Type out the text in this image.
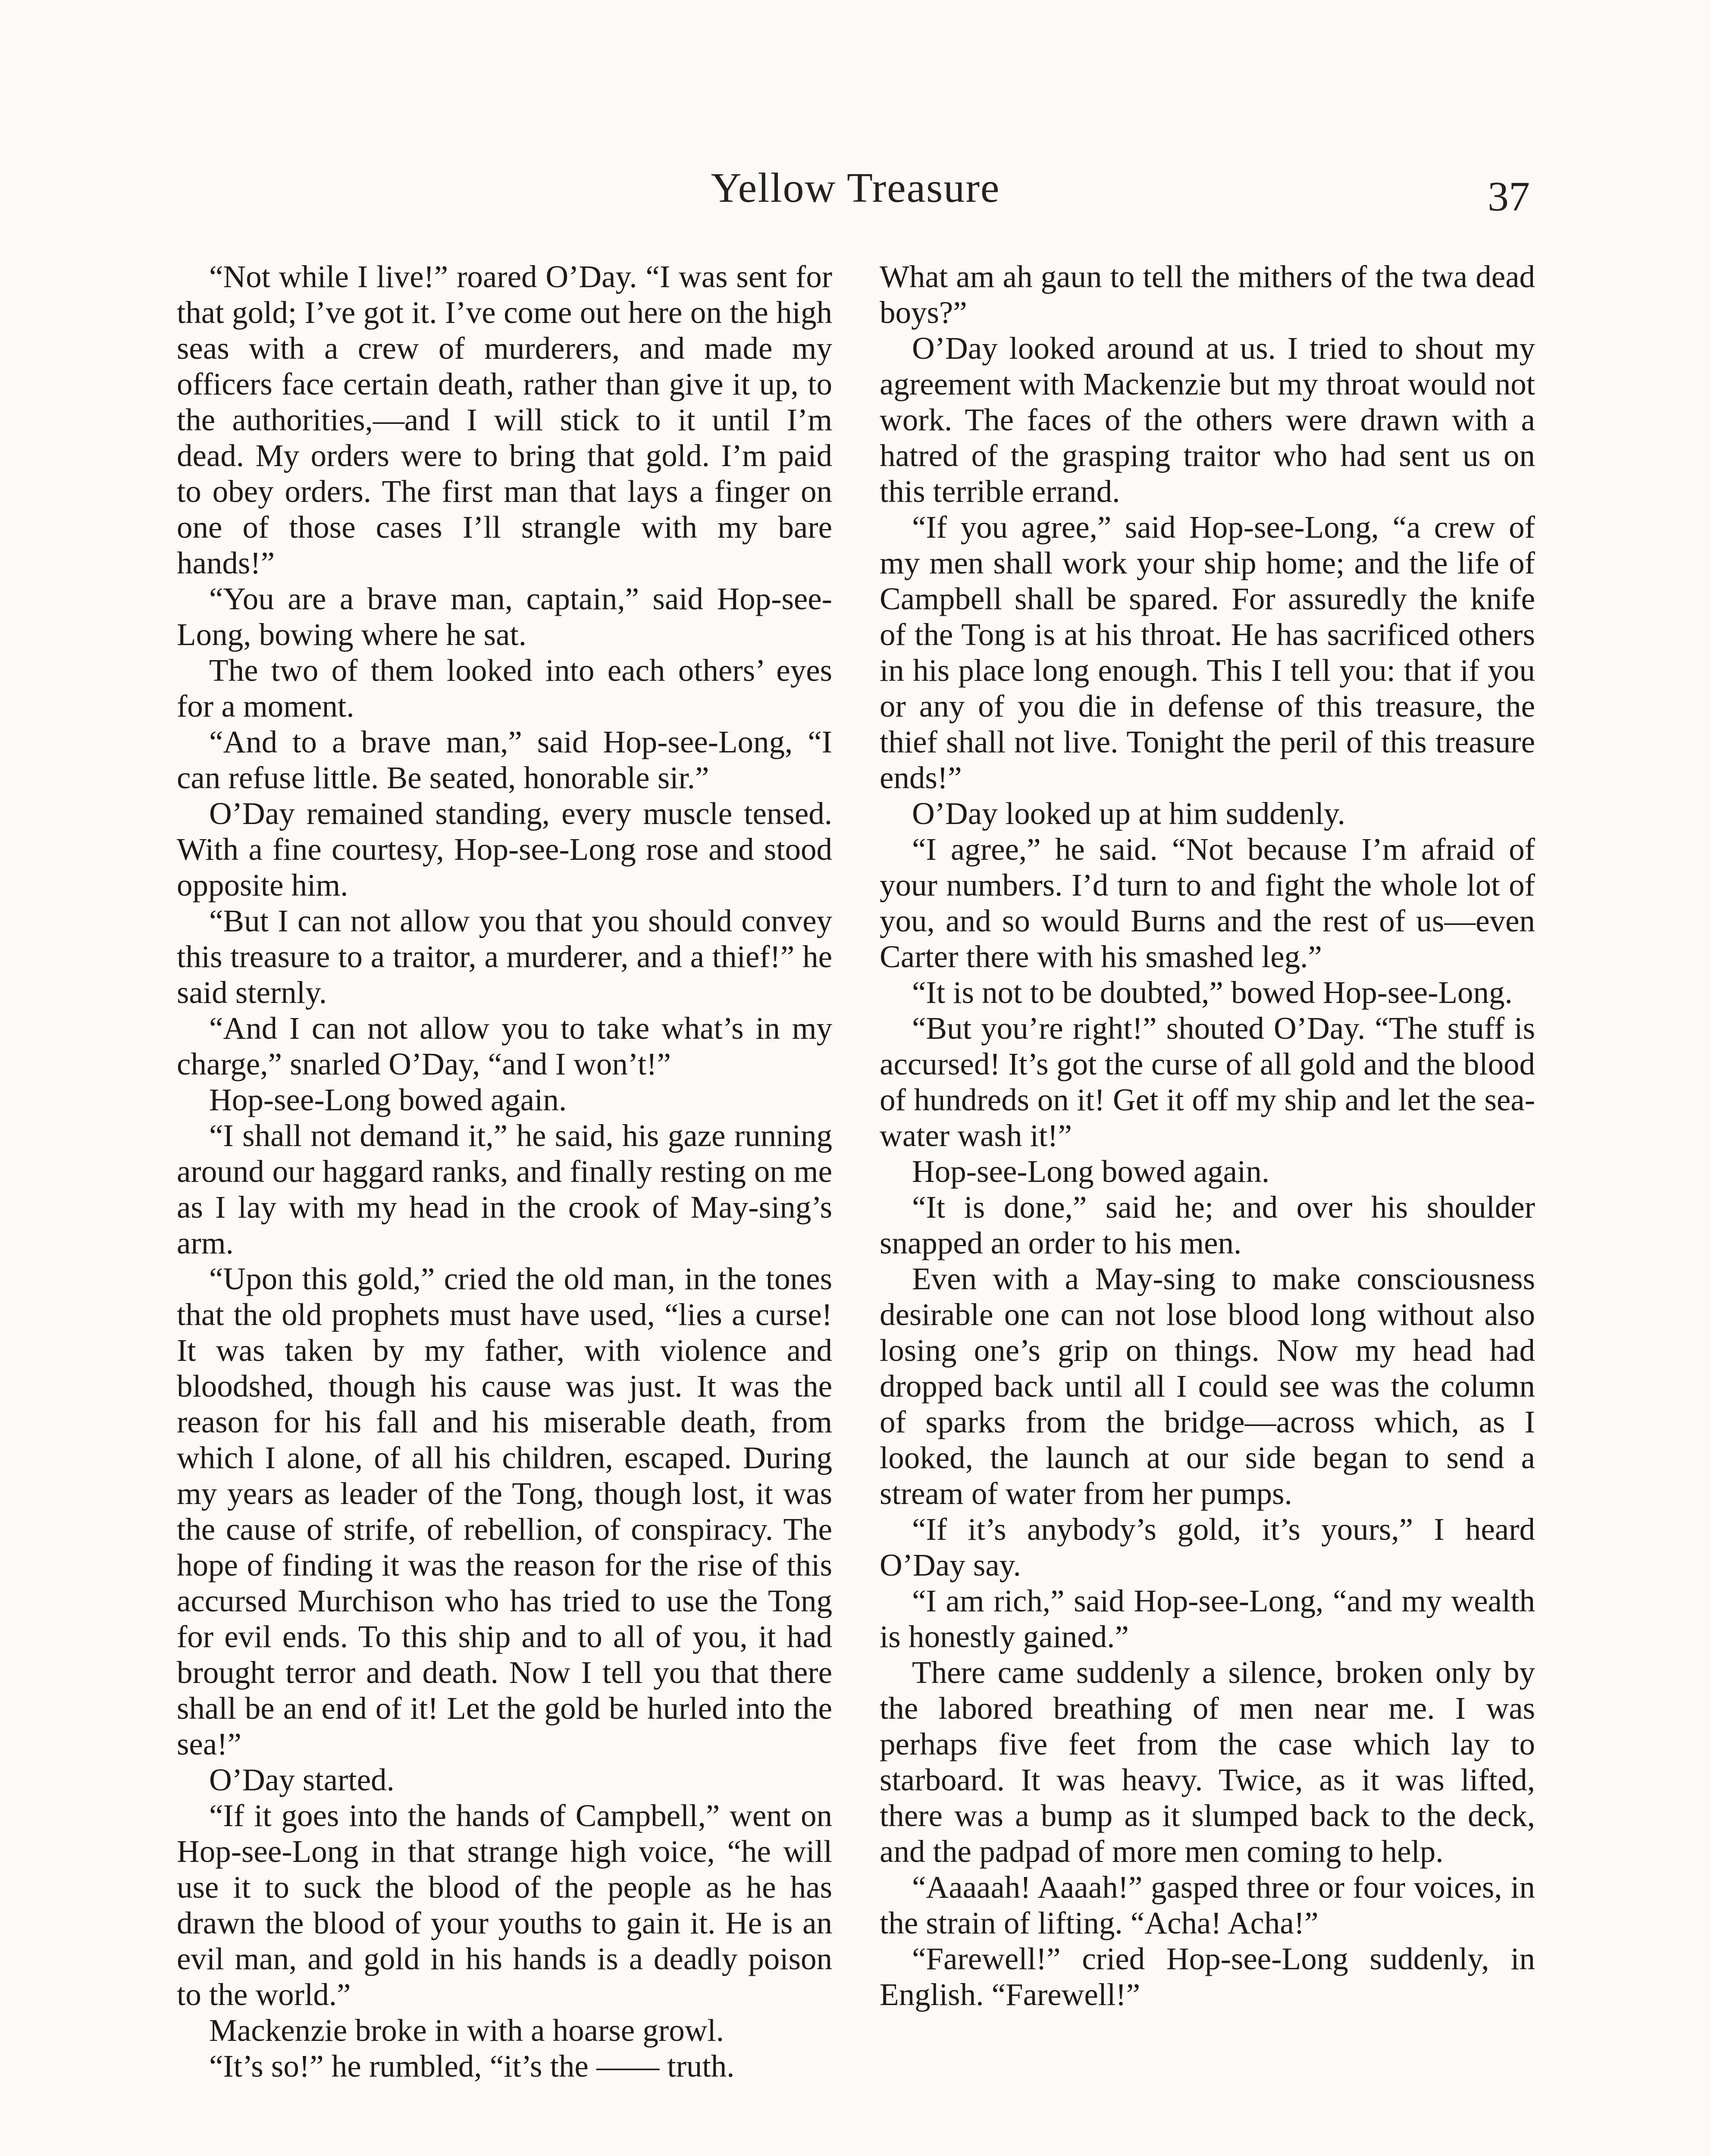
Yellow Treasure	37

“Not while I live!” roared O’Day. “I was sent for that gold; I’ve got it. I’ve come out here on the high seas with a crew of murderers, and made my officers face certain death, rather than give it up, to the authorities,—and I will stick to it until I’m dead. My orders were to bring that gold. I’m paid to obey orders. The first man that lays a finger on one of those cases I’ll strangle with my bare hands!”

“You are a brave man, captain,” said Hop-see-Long, bowing where he sat.

The two of them looked into each others’ eyes for a moment.

“And to a brave man,” said Hop-see-Long, “I can refuse little. Be seated, honorable sir.”

O’Day remained standing, every muscle tensed. With a fine courtesy, Hop-see-Long rose and stood opposite him.

“But I can not allow you that you should convey this treasure to a traitor, a murderer, and a thief!” he said sternly.

“And I can not allow you to take what’s in my charge,” snarled O’Day, “and I won’t!”

Hop-see-Long bowed again.

“I shall not demand it,” he said, his gaze running around our haggard ranks, and finally resting on me as I lay with my head in the crook of May-sing’s arm.

“Upon this gold,” cried the old man, in the tones that the old prophets must have used, “lies a curse! It was taken by my father, with violence and bloodshed, though his cause was just. It was the reason for his fall and his miserable death, from which I alone, of all his children, escaped. During my years as leader of the Tong, though lost, it was the cause of strife, of rebellion, of conspiracy. The hope of finding it was the reason for the rise of this accursed Murchison who has tried to use the Tong for evil ends. To this ship and to all of you, it had brought terror and death. Now I tell you that there shall be an end of it! Let the gold be hurled into the sea!”

O’Day started.

“If it goes into the hands of Campbell,” went on Hop-see-Long in that strange high voice, “he will use it to suck the blood of the people as he has drawn the blood of your youths to gain it. He is an evil man, and gold in his hands is a deadly poison to the world.”

Mackenzie broke in with a hoarse growl.

“It’s so!” he rumbled, “it’s the —— truth.

What am ah gaun to tell the mithers of the twa dead boys?”

O’Day looked around at us. I tried to shout my agreement with Mackenzie but my throat would not work. The faces of the others were drawn with a hatred of the grasping traitor who had sent us on this terrible errand.

“If you agree,” said Hop-see-Long, “a crew of my men shall work your ship home; and the life of Campbell shall be spared. For assuredly the knife of the Tong is at his throat. He has sacrificed others in his place long enough. This I tell you: that if you or any of you die in defense of this treasure, the thief shall not live. Tonight the peril of this treasure ends!”

O’Day looked up at him suddenly.

“I agree,” he said. “Not because I’m afraid of your numbers. I’d turn to and fight the whole lot of you, and so would Burns and the rest of us—even Carter there with his smashed leg.”

“It is not to be doubted,” bowed Hop-see-Long.

“But you’re right!” shouted O’Day. “The stuff is accursed! It’s got the curse of all gold and the blood of hundreds on it! Get it off my ship and let the sea-water wash it!”

Hop-see-Long bowed again.

“It is done,” said he; and over his shoulder snapped an order to his men.

Even with a May-sing to make consciousness desirable one can not lose blood long without also losing one’s grip on things. Now my head had dropped back until all I could see was the column of sparks from the bridge—across which, as I looked, the launch at our side began to send a stream of water from her pumps.

“If it’s anybody’s gold, it’s yours,” I heard O’Day say.

“I am rich,” said Hop-see-Long, “and my wealth is honestly gained.”

There came suddenly a silence, broken only by the labored breathing of men near me. I was perhaps five feet from the case which lay to starboard. It was heavy. Twice, as it was lifted, there was a bump as it slumped back to the deck, and the padpad of more men coming to help.

“Aaaaah! Aaaah!” gasped three or four voices, in the strain of lifting. “Acha! Acha!”

“Farewell!” cried Hop-see-Long suddenly, in English. “Farewell!”
